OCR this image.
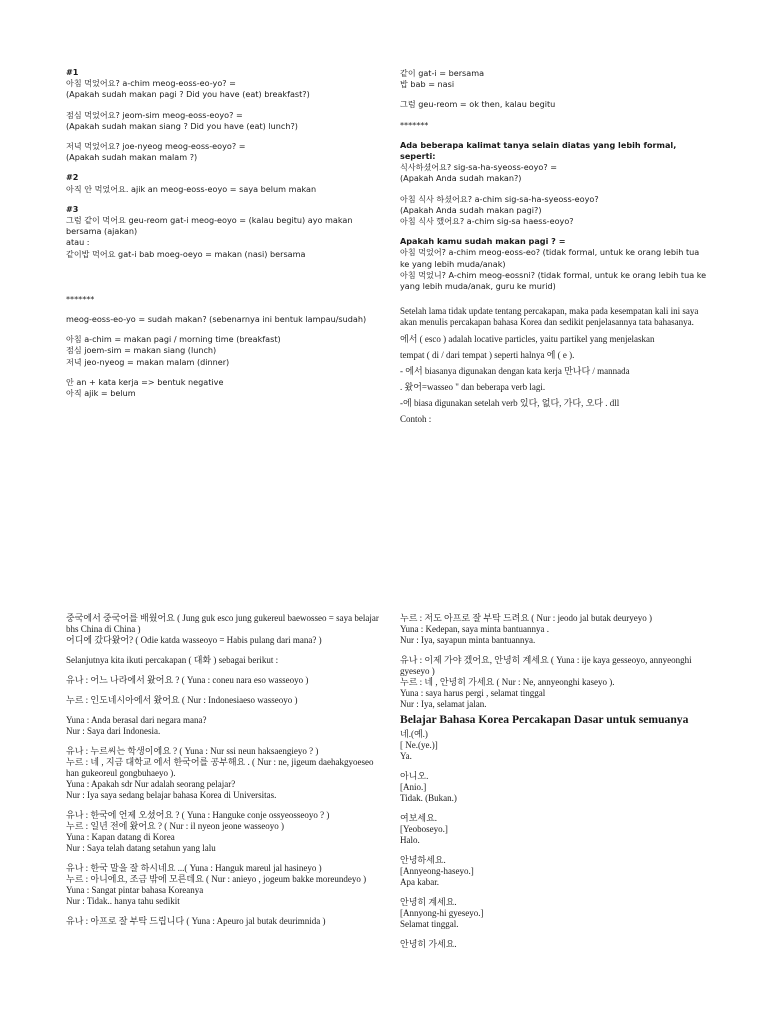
#1
아침 먹었어요? a-chim meog-eoss-eo-yo? =
(Apakah sudah makan pagi ? Did you have (eat) breakfast?)
점심 먹었어요? jeom-sim meog-eoss-eoyo? =
(Apakah sudah makan siang ? Did you have (eat) lunch?)
저녁 먹었어요? joe-nyeog meog-eoss-eoyo? =
(Apakah sudah makan malam ?)
#2
아직 안 먹었어요. ajik an meog-eoss-eoyo = saya belum makan
#3
그럼 같이 먹어요 geu-reom gat-i meog-eoyo = (kalau begitu) ayo makan bersama (ajakan)
atau :
같이밥 먹어요 gat-i bab moeg-oeyo = makan (nasi) bersama
*******
meog-eoss-eo-yo = sudah makan? (sebenarnya ini bentuk lampau/sudah)
아침 a-chim = makan pagi / morning time (breakfast)
점심 joem-sim = makan siang (lunch)
저녁 jeo-nyeog = makan malam (dinner)
안 an + kata kerja => bentuk negative
아직 ajik = belum
같이 gat-i = bersama
밥 bab = nasi
그럼 geu-reom = ok then, kalau begitu
*******
Ada beberapa kalimat tanya selain diatas yang lebih formal, seperti:
식사하셨어요? sig-sa-ha-syeoss-eoyo? =
(Apakah Anda sudah makan?)
아침 식사 하셨어요? a-chim sig-sa-ha-syeoss-eoyo?
(Apakah Anda sudah makan pagi?)
아침 식사 했어요? a-chim sig-sa haess-eoyo?
Apakah kamu sudah makan pagi ? =
아침 먹었어? a-chim meog-eoss-eo? (tidak formal, untuk ke orang lebih tua ke yang lebih muda/anak)
아침 먹었니? A-chim meog-eossni? (tidak formal, untuk ke orang lebih tua ke yang lebih muda/anak, guru ke murid)
Setelah lama tidak update tentang percakapan, maka pada kesempatan kali ini saya akan menulis percakapan bahasa Korea dan sedikit penjelasannya tata bahasanya.
에서 ( esco ) adalah locative particles, yaitu partikel yang menjelaskan
tempat ( di / dari tempat ) seperti halnya 에 ( e ).
- 에서 biasanya digunakan dengan kata kerja 만나다 / mannada
. 왔어=wasseo " dan beberapa verb lagi.
-에 biasa digunakan setelah verb 있다, 없다, 가다, 오다 . dll
Contoh :
중국에서 중국어를 배웠어요 ( Jung guk esco jung gukereul baewosseo = saya belajar bhs China di China )
어디에 갔다왔어? ( Odie katda wasseoyo = Habis pulang dari mana? )
Selanjutnya kita ikuti percakapan ( 대화 ) sebagai berikut :
유나 : 어느 나라에서 왔어요 ? ( Yuna : coneu nara eso wasseoyo )
누르 : 인도네시아에서 왔어요 ( Nur : Indonesiaeso wasseoyo )
Yuna : Anda berasal dari negara mana?
Nur : Saya dari Indonesia.
유나 : 누르씨는 학생이에요 ? ( Yuna : Nur ssi neun haksaengieyo ? )
누르 : 네 , 지금 대학교 에서 한국어를 공부해요 . ( Nur : ne, jigeum daehakgyoeseo han gukeoreul gongbuhaeyo ).
Yuna : Apakah sdr Nur adalah seorang pelajar?
Nur : Iya saya sedang belajar bahasa Korea di Universitas.
유나 : 한국에 언제 오셨어요 ? ( Yuna : Hanguke conje ossyeosseoyo ? )
누르 : 일년 전에 왔어요 ? ( Nur : il nyeon jeone wasseoyo )
Yuna : Kapan datang di Korea
Nur : Saya telah datang setahun yang lalu
유나 : 한국 말을 잘 하시네요 ...( Yuna : Hanguk mareul jal hasineyo )
누르 : 아니에요, 조금 밖에 모른데요 ( Nur : anieyo , jogeum bakke moreundeyo )
Yuna : Sangat pintar bahasa Koreanya
Nur : Tidak.. hanya tahu sedikit
유나 : 아프로 잘 부탁 드립니다 ( Yuna : Apeuro jal butak deurimnida )
누르 : 저도 아프로 잘 부탁 드려요 ( Nur : jeodo jal butak deuryeyo )
Yuna : Kedepan, saya minta bantuannya .
Nur : Iya, sayapun minta bantuannya.
유나 : 이제 가야 겠어요, 안녕히 계세요 ( Yuna : ije kaya gesseoyo, annyeonghi gyeseyo )
누르 : 네 , 안녕히 가세요 ( Nur : Ne, annyeonghi kaseyo ).
Yuna : saya harus pergi , selamat tinggal
Nur : Iya, selamat jalan.
Belajar Bahasa Korea Percakapan Dasar untuk semuanya
네.(예.)
[ Ne.(ye.)]
Ya.
아니오.
[Anio.]
Tidak. (Bukan.)
여보세요.
[Yeoboseyo.]
Halo.
안녕하세요.
[Annyeong-haseyo.]
Apa kabar.
안녕히 계세요.
[Annyong-hi gyeseyo.]
Selamat tinggal.
안녕히 가세요.
